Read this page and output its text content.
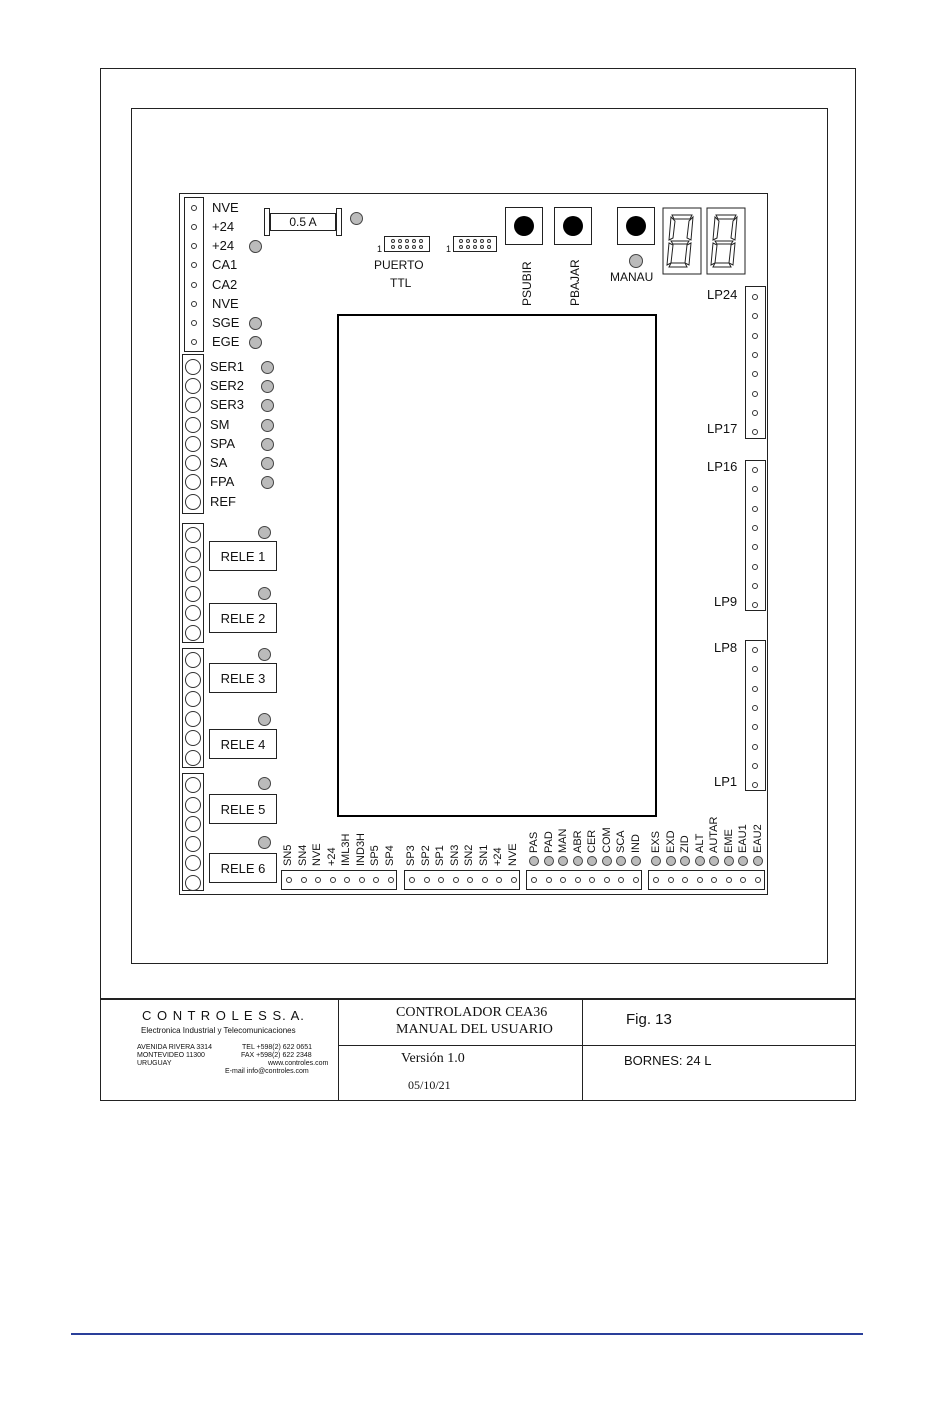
0.5 A
1	1
PUERTO
TTL	PSUBIR	PBAJAR MANAU
LP24
LP17
LP16
LP9
LP8
LP1
NVE
+24
+24
CA1
CA2
NVE
SGE
EGE
SER1
SER2
SER3
SM
SPA
SA
FPA
REF
RELE 1
RELE 2
RELE 3
RELE 4
RELE 5
RELE 6
SN5 SN4 NVE +24 IML3H IND3H SP5 SP4 SP3 SP2 SP1 SN3 SN2 SN1 +24 NVE
PAS PAD MAN ABR CER COM SCA IND EXS EXD ZID ALT AUTAR EME EAU1 EAU2
C O N T R O L E S S. A.
Electronica Industrial y Telecomunicaciones
AVENIDA RIVERA 3314
MONTEVIDEO 11300
URUGUAY
TEL +598(2) 622 0651
FAX +598(2) 622 2348
www.controles.com
E-mail info@controles.com
CONTROLADOR CEA36
MANUAL DEL USUARIO
Versión 1.0
05/10/21
Fig. 13
BORNES: 24 L
